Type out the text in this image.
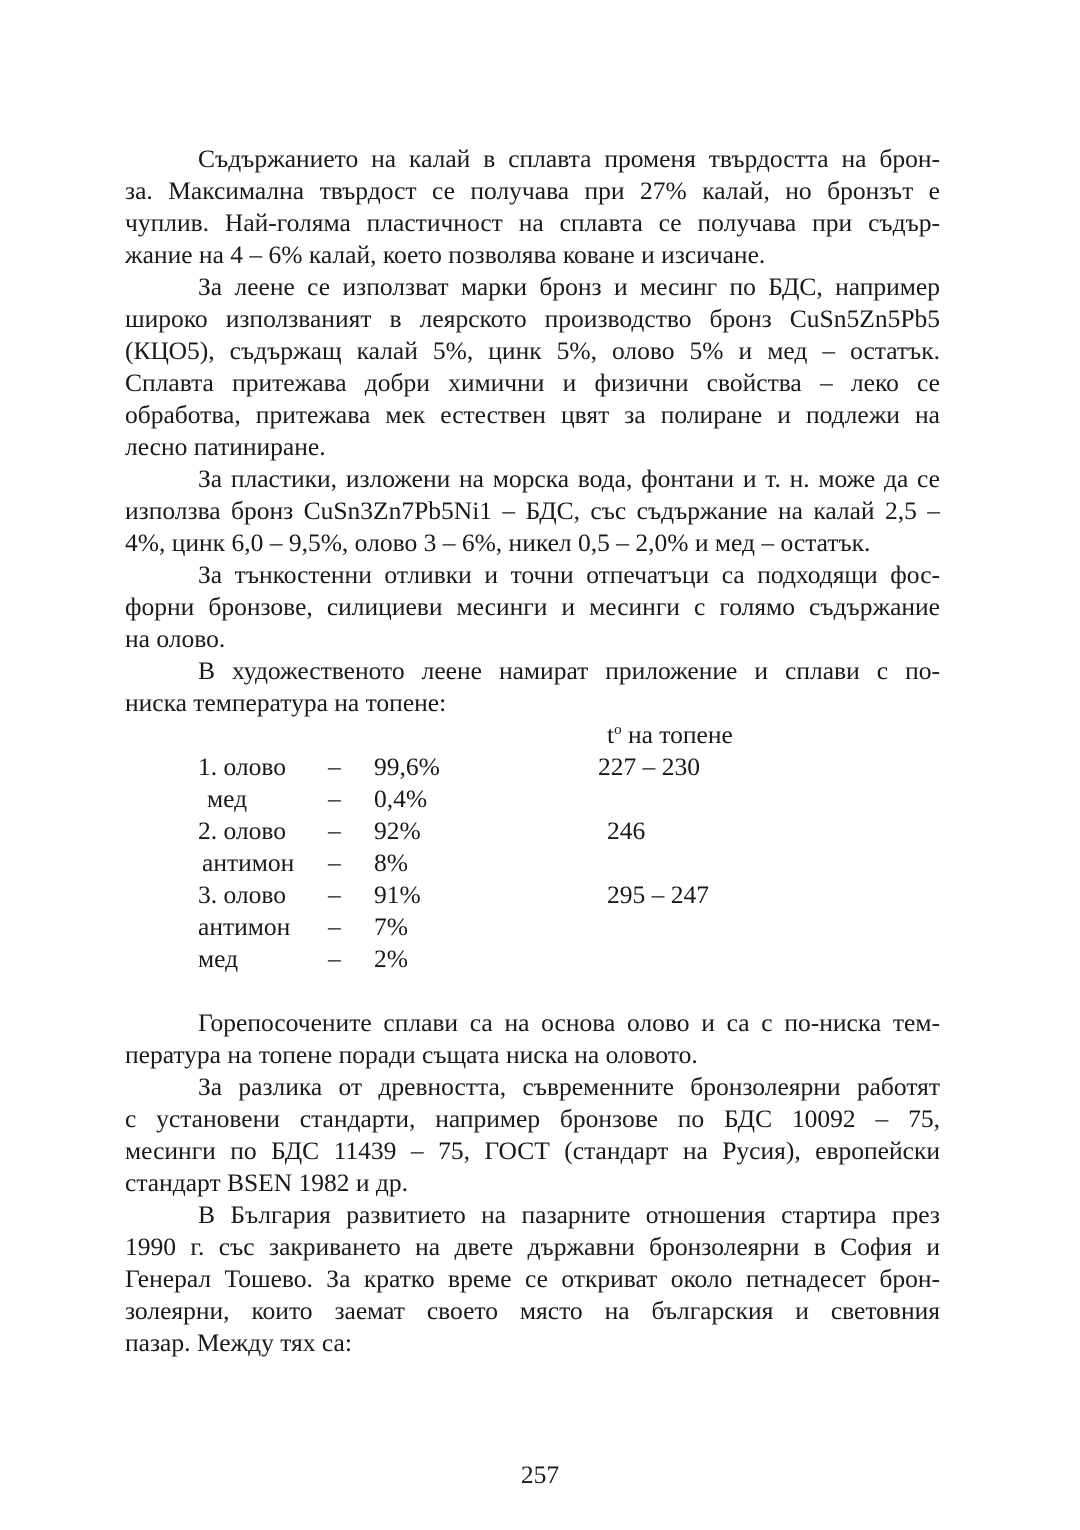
Съдържанието на калай в сплавта променя твърдостта на брон-
за. Максимална твърдост се получава при 27% калай, но бронзът е
чуплив. Най-голяма пластичност на сплавта се получава при съдър-
жание на 4 – 6% калай, което позволява коване и изсичане.
За леене се използват марки бронз и месинг по БДС, например
широко използваният в леярското производство бронз CuSn5Zn5Pb5
(КЦО5), съдържащ калай 5%, цинк 5%, олово 5% и мед – остатък.
Сплавта притежава добри химични и физични свойства – леко се
обработва, притежава мек естествен цвят за полиране и подлежи на
лесно патиниране.
За пластики, изложени на морска вода, фонтани и т. н. може да се
използва бронз CuSn3Zn7Pb5Ni1 – БДС, със съдържание на калай 2,5 –
4%, цинк 6,0 – 9,5%, олово 3 – 6%, никел 0,5 – 2,0% и мед – остатък.
За тънкостенни отливки и точни отпечатъци са подходящи фос-
форни бронзове, силициеви месинги и месинги с голямо съдържание
на олово.
В художественото леене намират приложение и сплави с по-
ниска температура на топене:
$t^o$ на топене
1. олово – 99,6%	227 – 230
мед	– 0,4%
2. олово – 92%	246
антимон – 8%
3. олово – 91%	295 – 247
антимон – 7%
мед	– 2%
Горепосочените сплави са на основа олово и са с по-ниска тем-
пература на топене поради същата ниска на оловото.
За разлика от древността, съвременните бронзолеярни работят
с установени стандарти, например бронзове по БДС 10092 – 75,
месинги по БДС 11439 – 75, ГОСТ (стандарт на Русия), европейски
стандарт BSEN 1982 и др.
В България развитието на пазарните отношения стартира през
1990 г. със закриването на двете държавни бронзолеярни в София и
Генерал Тошево. За кратко време се откриват около петнадесет брон-
золеярни, които заемат своето място на българския и световния
пазар. Между тях са:
257
